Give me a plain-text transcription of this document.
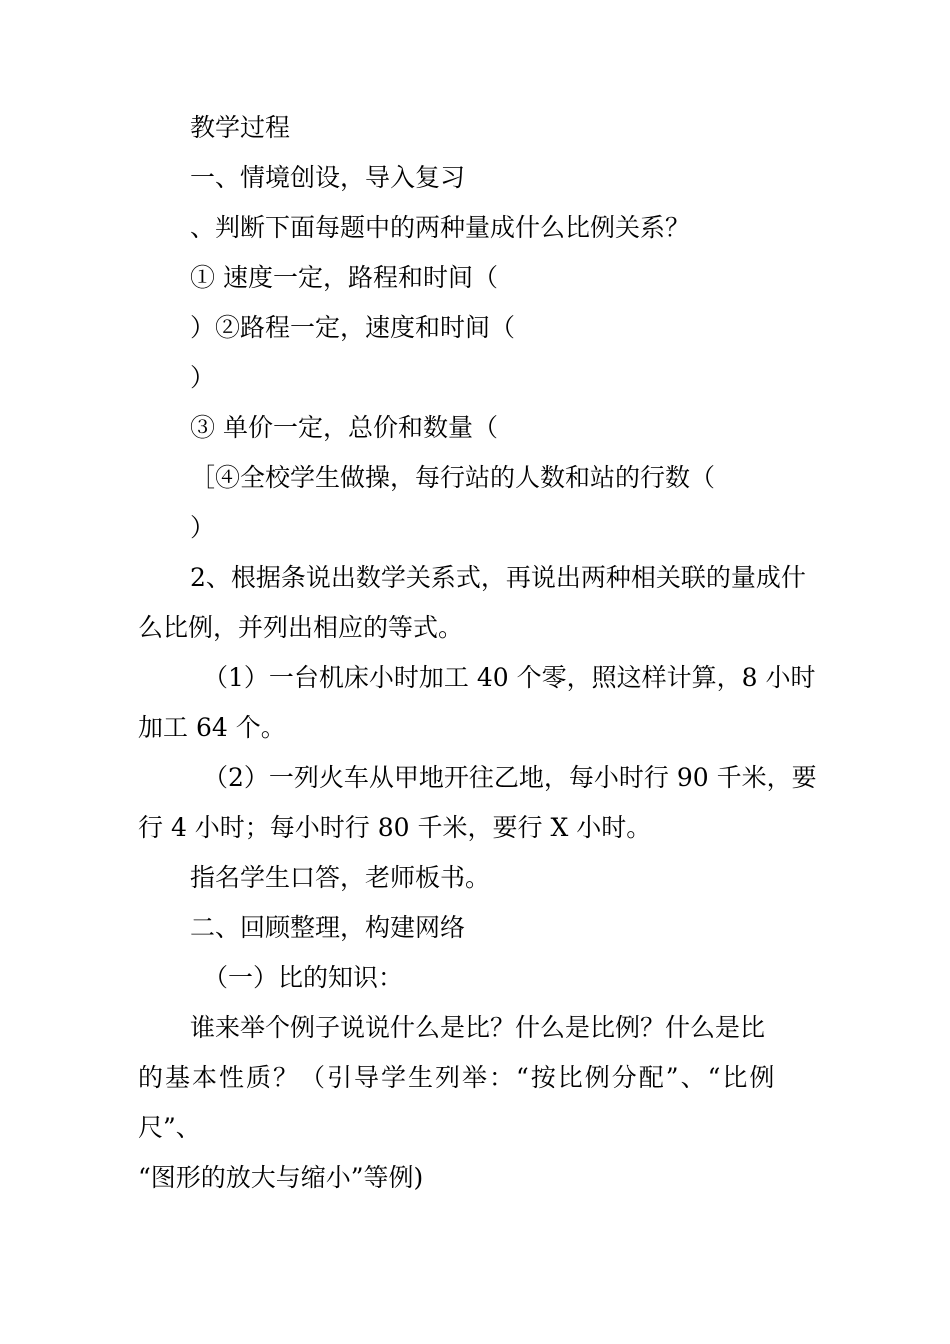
教学过程
一、情境创设，导入复习
、判断下面每题中的两种量成什么比例关系？
① 速度一定，路程和时间（
）②路程一定，速度和时间（
）
③ 单价一定，总价和数量（
［④全校学生做操，每行站的人数和站的行数（
）
2、根据条说出数学关系式，再说出两种相关联的量成什
么比例，并列出相应的等式。
（1）一台机床小时加工 40 个零，照这样计算，8 小时
加工 64 个。
（2）一列火车从甲地开往乙地，每小时行 90 千米，要
行 4 小时；每小时行 80 千米，要行 X 小时。
指名学生口答，老师板书。
二、回顾整理，构建网络
（一）比的知识：
谁来举个例子说说什么是比？什么是比例？什么是比
的基本性质？（引导学生列举：“按比例分配”、“比例
尺”、
“图形的放大与缩小”等例)
